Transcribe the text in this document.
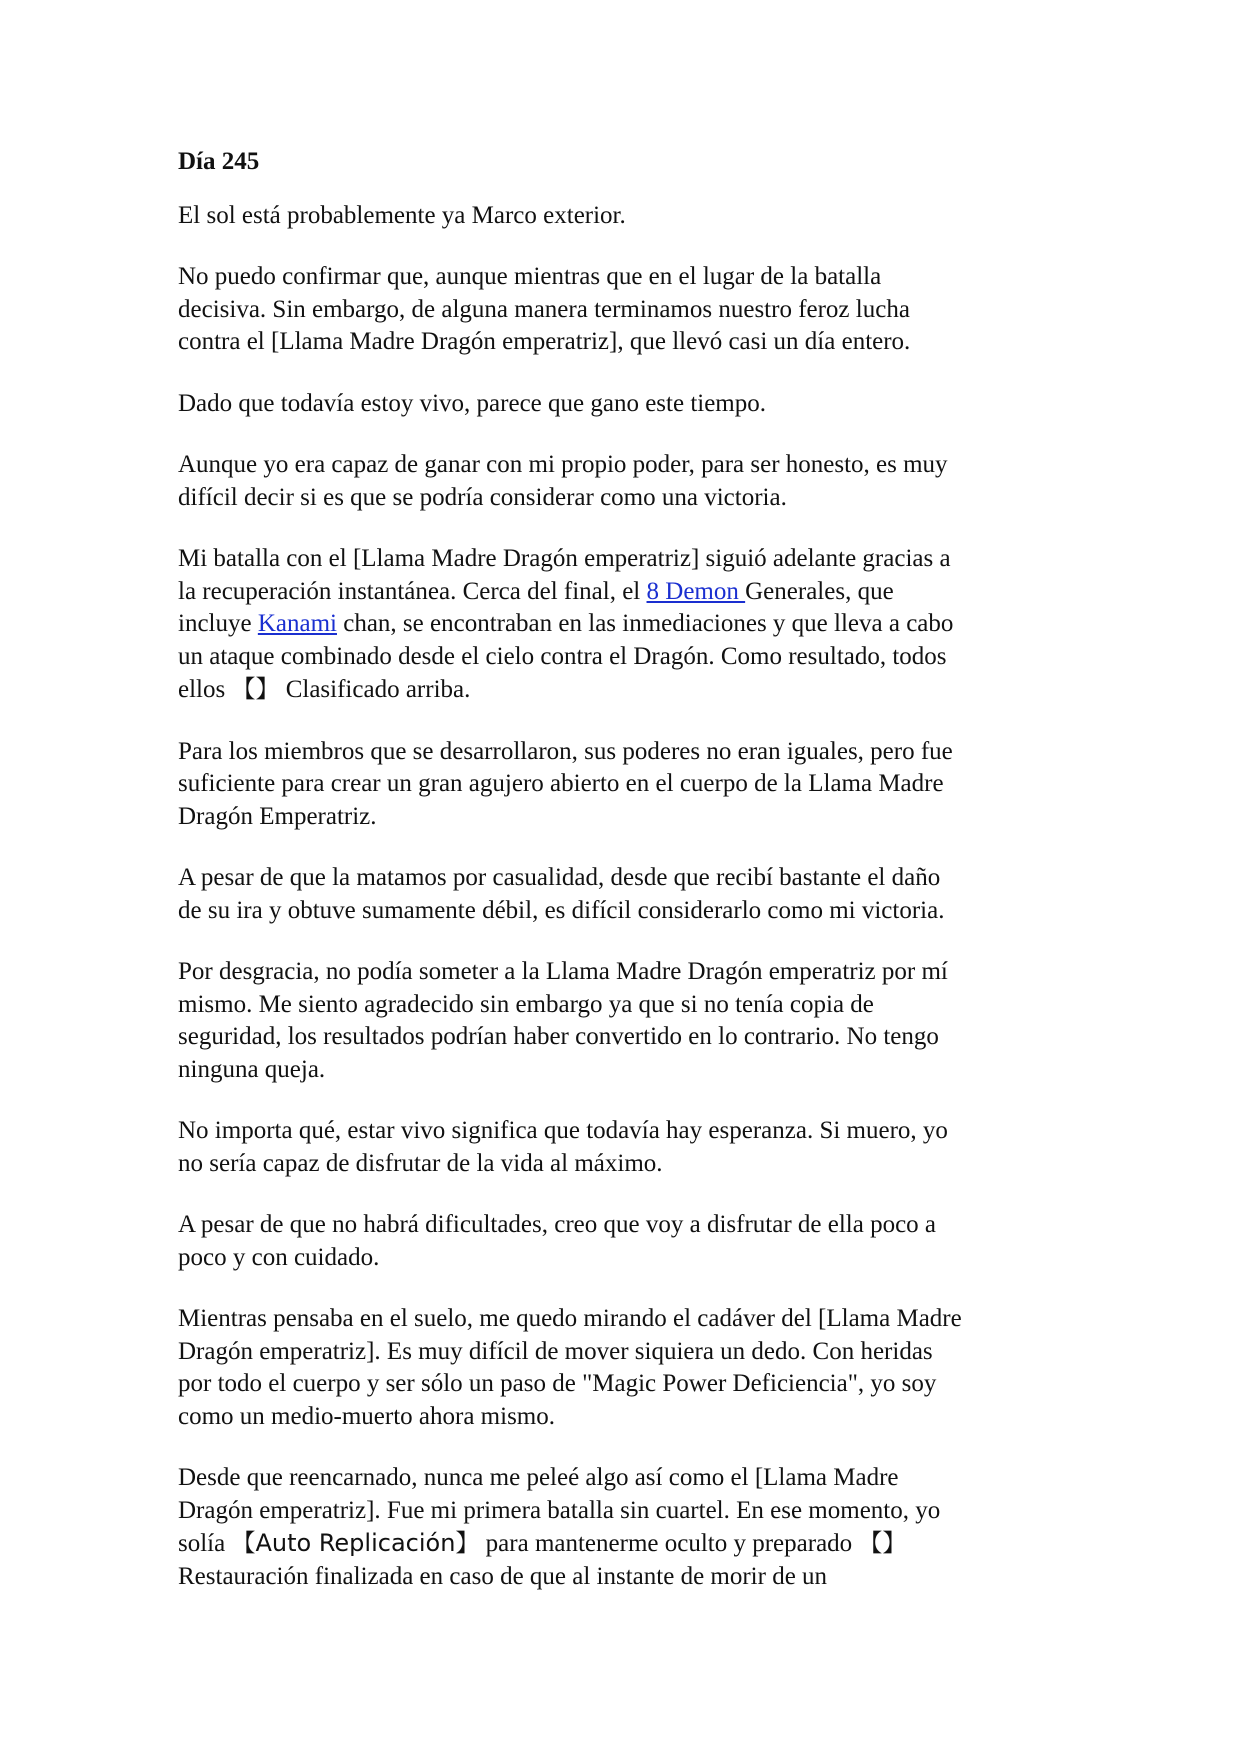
Día 245
El sol está probablemente ya Marco exterior.
No puedo confirmar que, aunque mientras que en el lugar de la batalla
decisiva. Sin embargo, de alguna manera terminamos nuestro feroz lucha
contra el [Llama Madre Dragón emperatriz], que llevó casi un día entero.
Dado que todavía estoy vivo, parece que gano este tiempo.
Aunque yo era capaz de ganar con mi propio poder, para ser honesto, es muy
difícil decir si es que se podría considerar como una victoria.
Mi batalla con el [Llama Madre Dragón emperatriz] siguió adelante gracias a
la recuperación instantánea. Cerca del final, el 8 Demon Generales, que
incluye Kanami chan, se encontraban en las inmediaciones y que lleva a cabo
un ataque combinado desde el cielo contra el Dragón. Como resultado, todos
ellos 【】 Clasificado arriba.
Para los miembros que se desarrollaron, sus poderes no eran iguales, pero fue
suficiente para crear un gran agujero abierto en el cuerpo de la Llama Madre
Dragón Emperatriz.
A pesar de que la matamos por casualidad, desde que recibí bastante el daño
de su ira y obtuve sumamente débil, es difícil considerarlo como mi victoria.
Por desgracia, no podía someter a la Llama Madre Dragón emperatriz por mí
mismo. Me siento agradecido sin embargo ya que si no tenía copia de
seguridad, los resultados podrían haber convertido en lo contrario. No tengo
ninguna queja.
No importa qué, estar vivo significa que todavía hay esperanza. Si muero, yo
no sería capaz de disfrutar de la vida al máximo.
A pesar de que no habrá dificultades, creo que voy a disfrutar de ella poco a
poco y con cuidado.
Mientras pensaba en el suelo, me quedo mirando el cadáver del [Llama Madre
Dragón emperatriz]. Es muy difícil de mover siquiera un dedo. Con heridas
por todo el cuerpo y ser sólo un paso de "Magic Power Deficiencia", yo soy
como un medio-muerto ahora mismo.
Desde que reencarnado, nunca me peleé algo así como el [Llama Madre
Dragón emperatriz]. Fue mi primera batalla sin cuartel. En ese momento, yo
solía 【Auto Replicación】 para mantenerme oculto y preparado 【】
Restauración finalizada en caso de que al instante de morir de un
